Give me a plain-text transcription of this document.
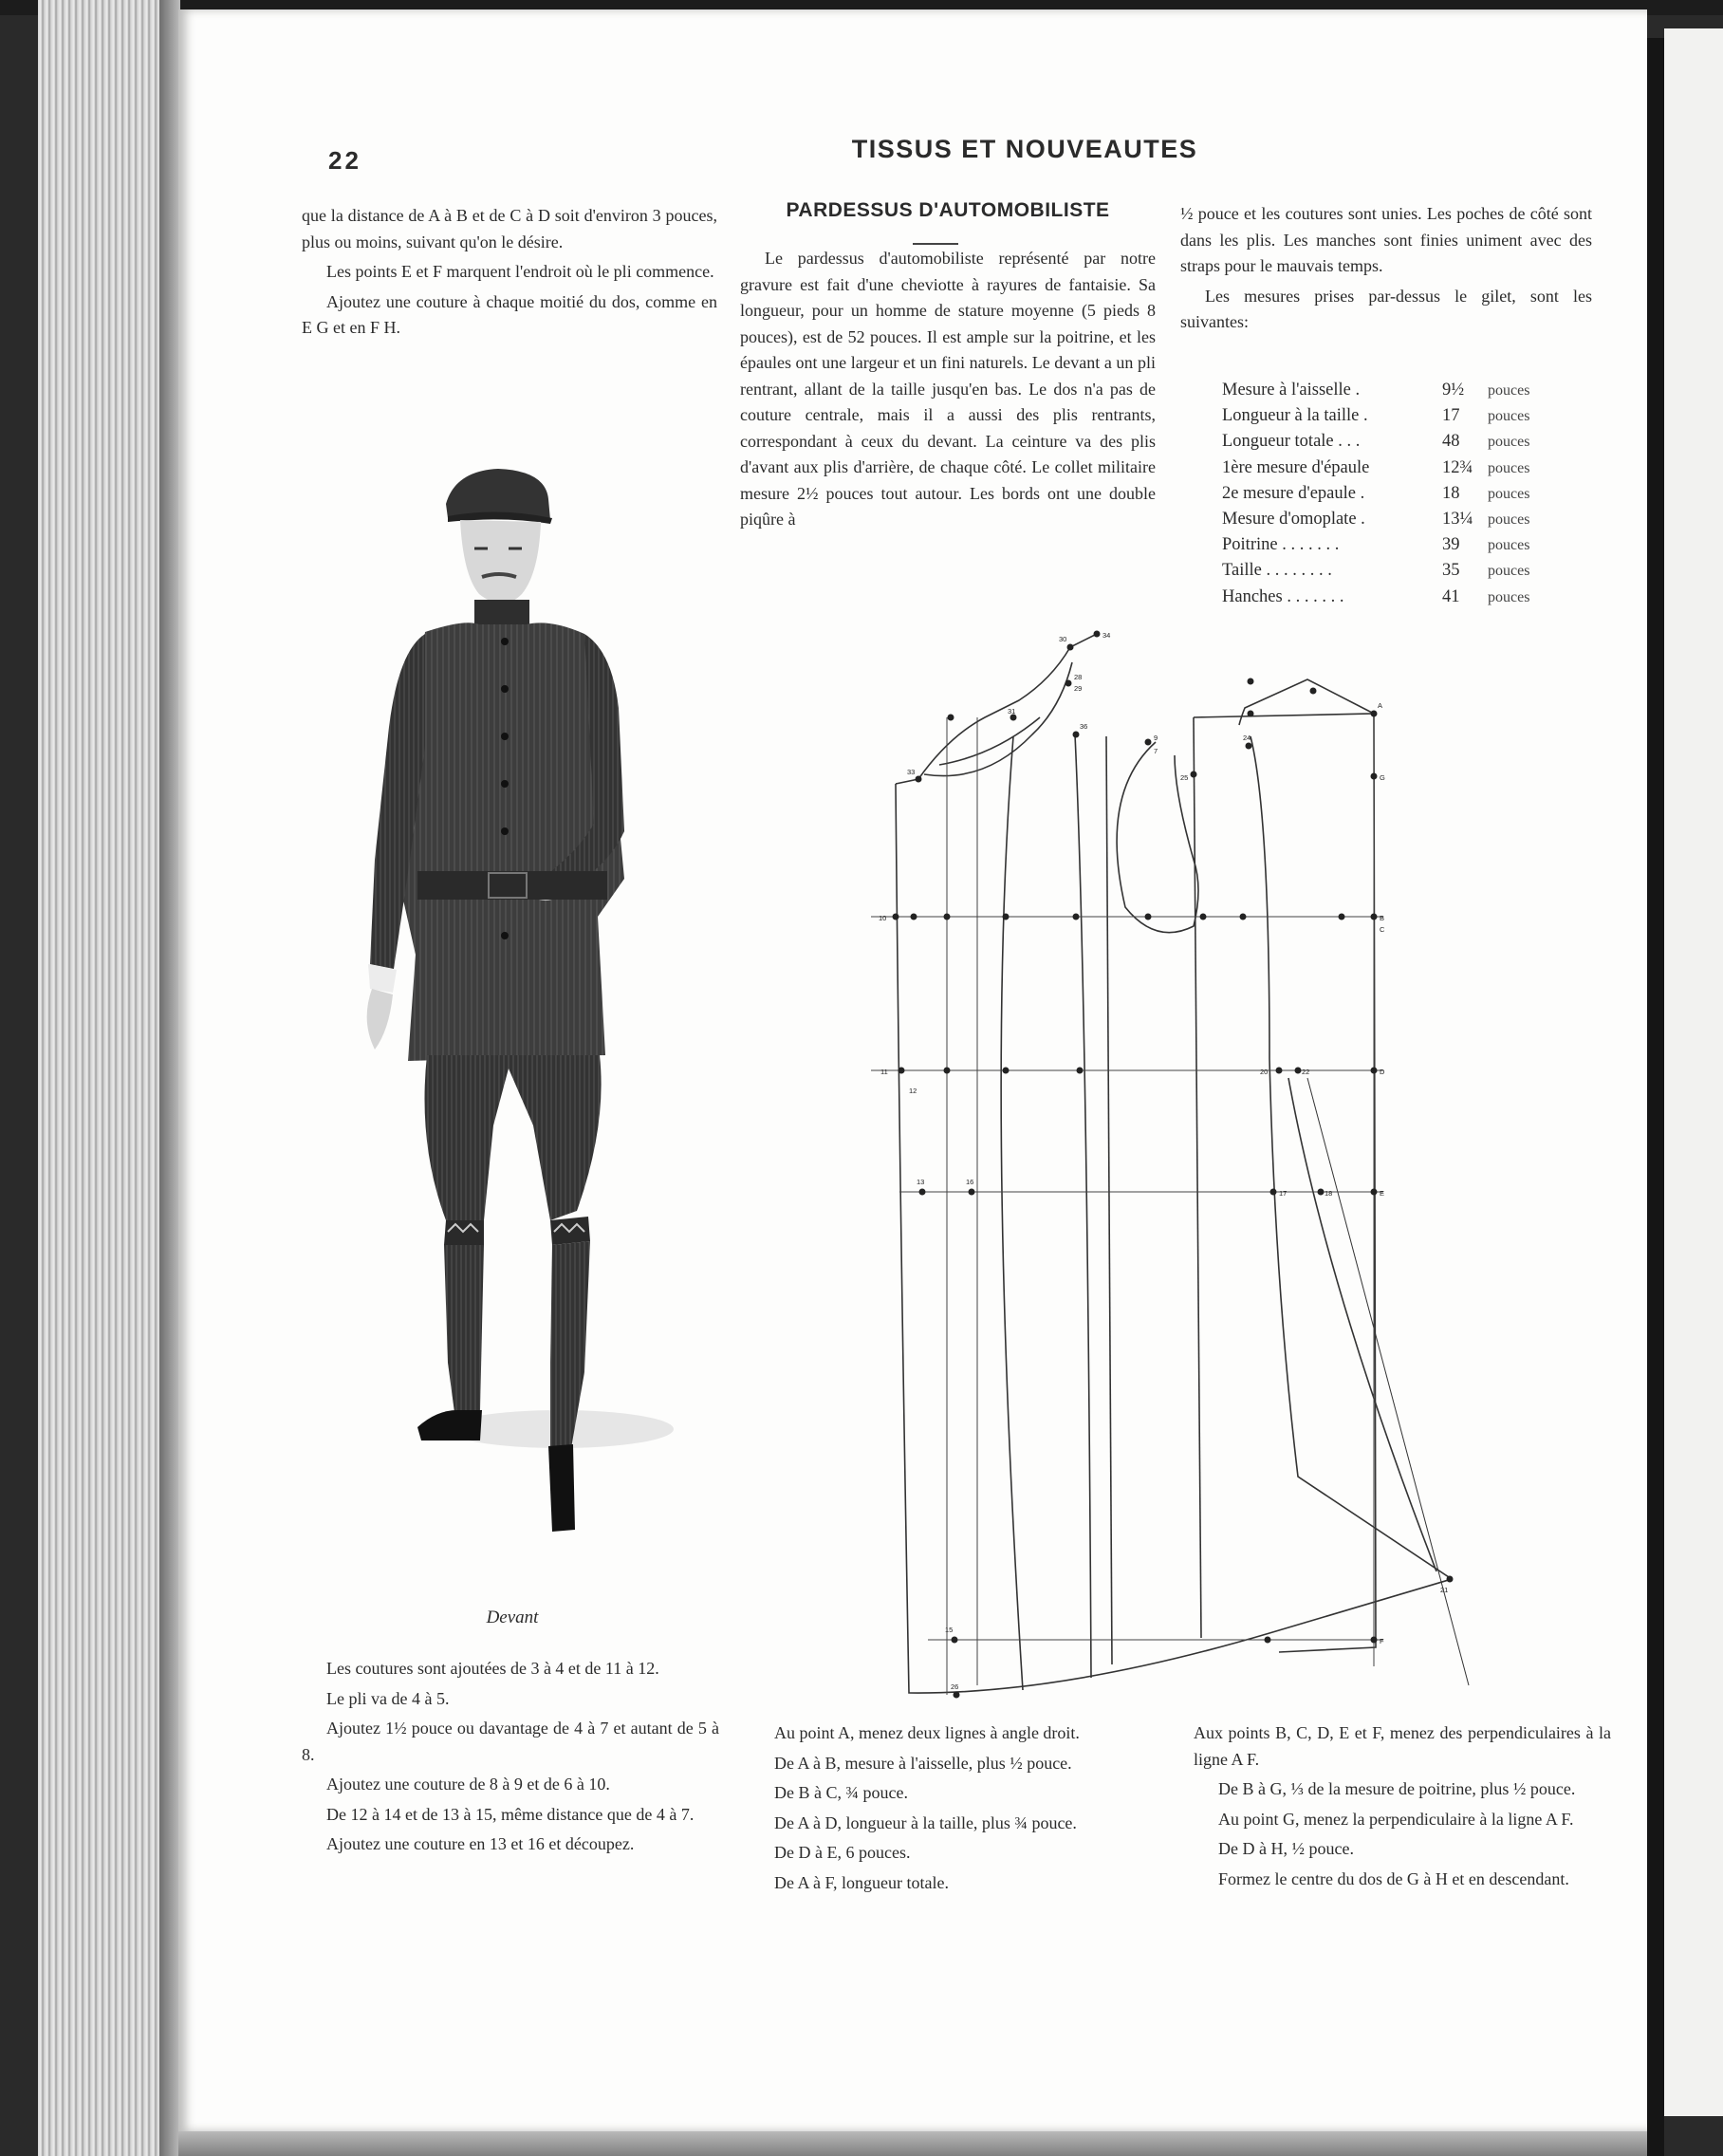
22	TISSUS ET NOUVEAUTES

que la distance de A à B et de C à D soit d'environ 3 pouces, plus ou moins, suivant qu'on le désire.

Les points E et F marquent l'endroit où le pli commence.

Ajoutez une couture à chaque moitié du dos, comme en E G et en F H.

PARDESSUS D'AUTOMOBILISTE

Le pardessus d'automobiliste représenté par notre gravure est fait d'une cheviotte à rayures de fantaisie. Sa longueur, pour un homme de stature moyenne (5 pieds 8 pouces), est de 52 pouces. Il est ample sur la poitrine, et les épaules ont une largeur et un fini naturels. Le devant a un pli rentrant, allant de la taille jusqu'en bas. Le dos n'a pas de couture centrale, mais il a aussi des plis rentrants, correspondant à ceux du devant. La ceinture va des plis d'avant aux plis d'arrière, de chaque côté. Le collet militaire mesure 2½ pouces tout autour. Les bords ont une double piqûre à

½ pouce et les coutures sont unies. Les poches de côté sont dans les plis. Les manches sont finies uniment avec des straps pour le mauvais temps.

Les mesures prises par-dessus le gilet, sont les suivantes:

Mesure à l'aisselle .	9½	pouces
Longueur à la taille .	17	pouces
Longueur totale . . .	48	pouces
1ère mesure d'épaule	12¾	pouces
2e mesure d'epaule .	18	pouces
Mesure d'omoplate .	13¼	pouces
Poitrine . . . . . . .	39	pouces
Taille . . . . . . . .	35	pouces
Hanches . . . . . . .	41	pouces
Devant

Les coutures sont ajoutées de 3 à 4 et de 11 à 12.

Le pli va de 4 à 5.

Ajoutez 1½ pouce ou davantage de 4 à 7 et autant de 5 à 8.

Ajoutez une couture de 8 à 9 et de 6 à 10.

De 12 à 14 et de 13 à 15, même distance que de 4 à 7.

Ajoutez une couture en 13 et 16 et découpez.

Au point A, menez deux lignes à angle droit.

De A à B, mesure à l'aisselle, plus ½ pouce.

De B à C, ¾ pouce.

De A à D, longueur à la taille, plus ¾ pouce.

De D à E, 6 pouces.

De A à F, longueur totale.

Aux points B, C, D, E et F, menez des perpendiculaires à la ligne A F.

De B à G, ⅓ de la mesure de poitrine, plus ½ pouce.

Au point G, menez la perpendiculaire à la ligne A F.

De D à H, ½ pouce.

Formez le centre du dos de G à H et en descendant.

10
11
12
13	16
15
26
B
C
D
E
F
G
A
17	18
20
21
22
25
24
33
31
30	34
28
29
36
9
7
